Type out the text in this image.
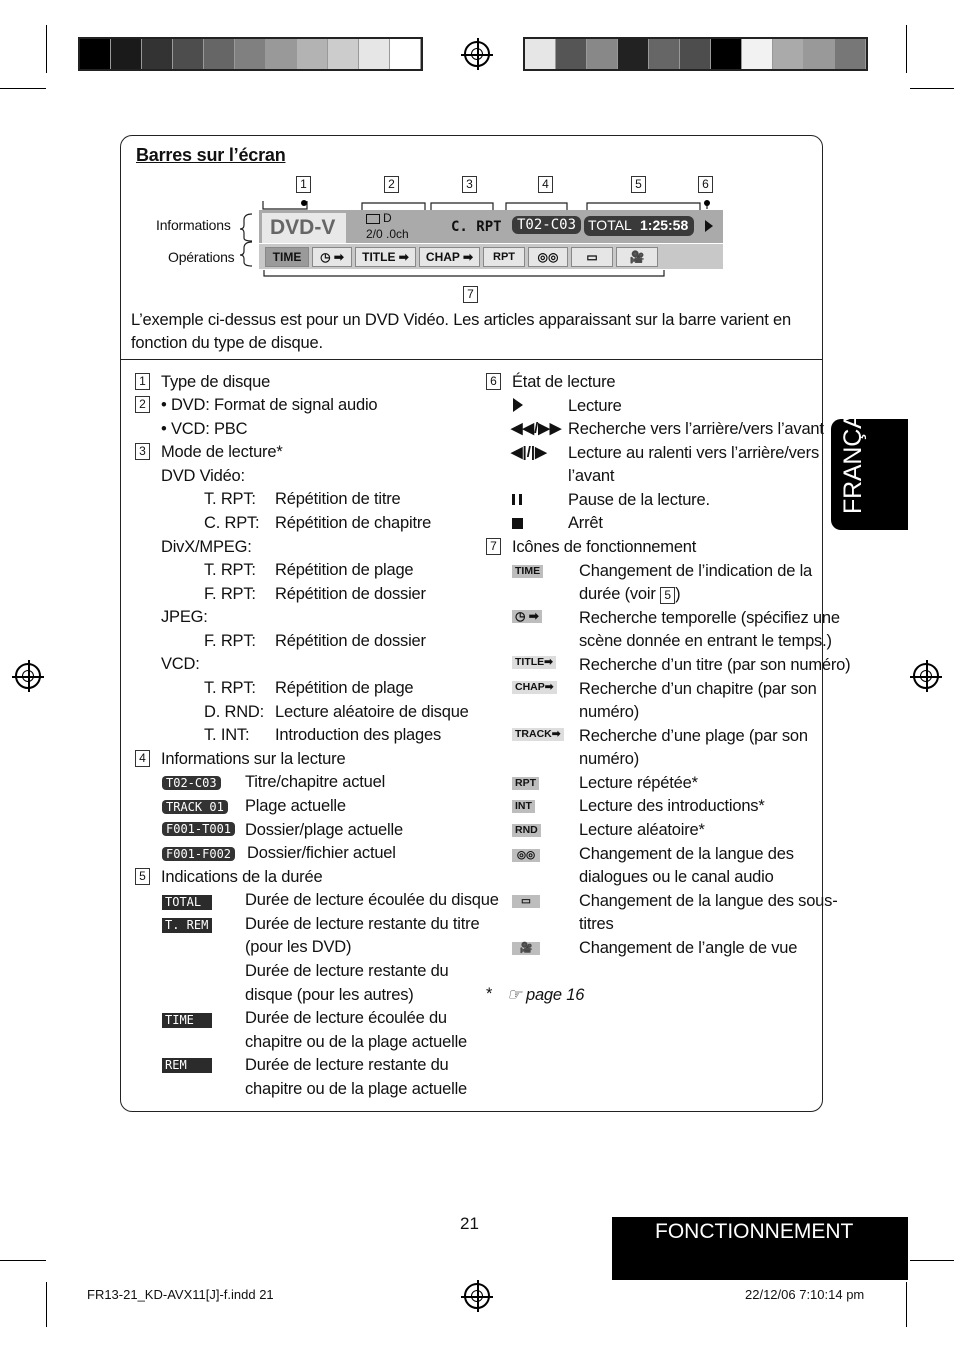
FRANÇAIS
Barres sur l’écran
1	2	3	4	5	6
7
Informations
Opérations
DVD-V	D
2/0 .0ch	C. RPT	T02-C03 TOTAL 1:25:58
TIME	◷ ➡	TITLE ➡	CHAP ➡	RPT	◎◎	▭	🎥
L’exemple ci-dessus est pour un DVD Vidéo. Les articles apparaissant sur la barre varient en fonction du type de disque.
1 Type de disque
2 • DVD: Format de signal audio
• VCD: PBC
3 Mode de lecture*
DVD Vidéo:
T. RPT: Répétition de titre
C. RPT: Répétition de chapitre
DivX/MPEG:
T. RPT: Répétition de plage
F. RPT: Répétition de dossier
JPEG:
F. RPT: Répétition de dossier
VCD:
T. RPT: Répétition de plage
D. RND: Lecture aléatoire de disque
T. INT: Introduction des plages
4 Informations sur la lecture
T02-C03 Titre/chapitre actuel
TRACK 01 Plage actuelle
F001-T001 Dossier/plage actuelle
F001-F002 Dossier/fichier actuel
5 Indications de la durée
TOTAL	Durée de lecture écoulée du disque
T. REM Durée de lecture restante du titre
(pour les DVD)
Durée de lecture restante du
disque (pour les autres)
TIME	Durée de lecture écoulée du
chapitre ou de la plage actuelle
REM	Durée de lecture restante du
chapitre ou de la plage actuelle
6 État de lecture
Lecture
◀◀/▶▶ Recherche vers l’arrière/vers l’avant
◀|/|▶ Lecture au ralenti vers l’arrière/vers
l’avant
Pause de la lecture.
Arrêt
7 Icônes de fonctionnement
TIME Changement de l’indication de la
durée (voir 5 )
◷ ➡ Recherche temporelle (spécifiez une
scène donnée en entrant le temps.)
TITLE➡ Recherche d’un titre (par son numéro)
CHAP➡ Recherche d’un chapitre (par son
numéro)
TRACK➡ Recherche d’une plage (par son
numéro)
RPT	Lecture répétée*
INT	Lecture des introductions*
RND	Lecture aléatoire*
◎◎	Changement de la langue des
dialogues ou le canal audio
▭	Changement de la langue des sous-
titres
🎥	Changement de l’angle de vue
* ☞ page 16
21	FONCTIONNEMENT
FR13-21_KD-AVX11[J]-f.indd 21	22/12/06 7:10:14 pm
